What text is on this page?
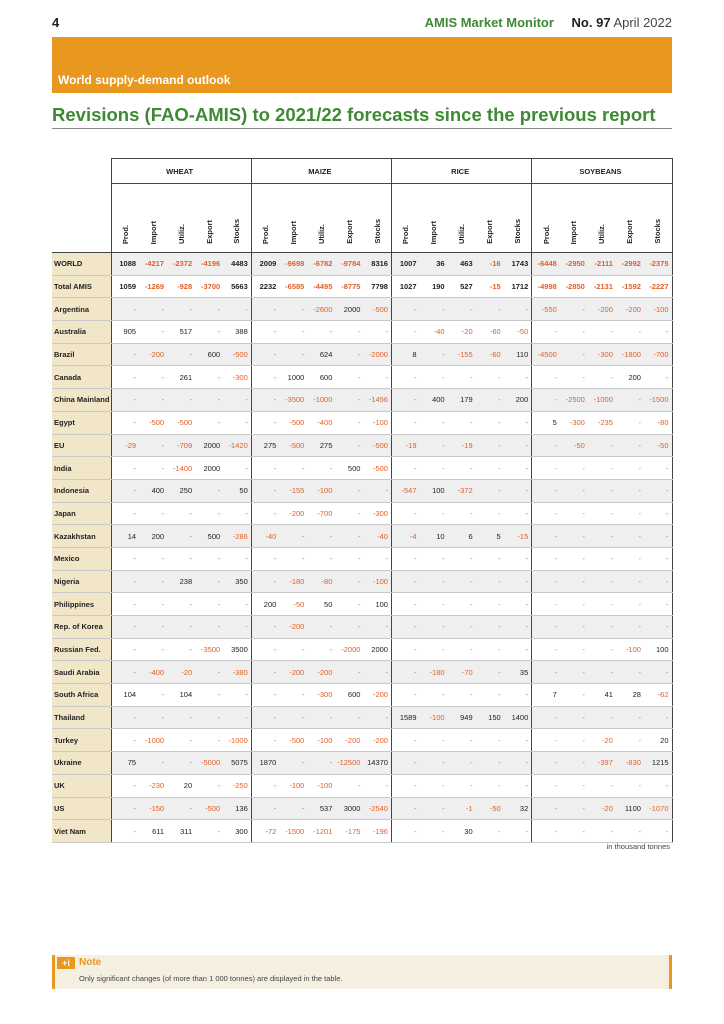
4	AMIS Market Monitor No. 97 April 2022
World supply-demand outlook
Revisions (FAO-AMIS) to 2021/22 forecasts since the previous report
	WHEAT					MAIZE					RICE					SOYBEANS				
	Prod.	Import	Utiliz.	Export	Stocks	Prod.	Import	Utiliz.	Export	Stocks	Prod.	Import	Utiliz.	Export	Stocks	Prod.	Import	Utiliz.	Export	Stocks
WORLD	1088	-4217	-2372	-4196	4483	2009	-9698	-6782	-9784	8316	1007	36	463	-16	1743	-6448	-2950	-2111	-2992	-2375
Total AMIS	1059	-1269	-928	-3700	5663	2232	-6585	-4495	-8775	7798	1027	190	527	-15	1712	-4998	-2850	-2131	-1592	-2227
Argentina	-	-	-	-	-	-	-	-2600	2000	-500	-	-	-	-	-	-550	-	-200	-200	-100
Australia	905	-	517	-	388	-	-	-	-	-	-	-40	-20	-60	-50	-	-	-	-	-
Brazil	-	-200	-	600	-500	-	-	624	-	-2000	8	-	-155	-60	110	-4500	-	-300	-1800	-700
Canada	-	-	261	-	-300	-	1000	600	-	-	-	-	-	-	-	-	-	-	200	-
China Mainland	-	-	-	-	-	-	-3500	-1000	-	-1456	-	400	179	-	200	-	-2500	-1000	-	-1500
Egypt	-	-500	-500	-	-	-	-500	-400	-	-100	-	-	-	-	-	5	-300	-235	-	-80
EU	-29	-	-709	2000	-1420	275	-500	275	-	-500	-19	-	-19	-	-	-	-50	-	-	-50
India	-	-	-1400	2000	-	-	-	-	500	-500	-	-	-	-	-	-	-	-	-	-
Indonesia	-	400	250	-	50	-	-155	-100	-	-	-547	100	-372	-	-	-	-	-	-	-
Japan	-	-	-	-	-	-	-200	-700	-	-300	-	-	-	-	-	-	-	-	-	-
Kazakhstan	14	200	-	500	-286	-40	-	-	-	-40	-4	10	6	5	-15	-	-	-	-	-
Mexico	-	-	-	-	-	-	-	-	-	-	-	-	-	-	-	-	-	-	-	-
Nigeria	-	-	238	-	350	-	-180	-80	-	-100	-	-	-	-	-	-	-	-	-	-
Philippines	-	-	-	-	-	200	-50	50	-	100	-	-	-	-	-	-	-	-	-	-
Rep. of Korea	-	-	-	-	-	-	-200	-	-	-	-	-	-	-	-	-	-	-	-	-
Russian Fed.	-	-	-	-3500	3500	-	-	-	-2000	2000	-	-	-	-	-	-	-	-	-100	100
Saudi Arabia	-	-400	-20	-	-380	-	-200	-200	-	-	-	-180	-70	-	35	-	-	-	-	-
South Africa	104	-	104	-	-	-	-	-300	600	-200	-	-	-	-	-	7	-	41	28	-62
Thailand	-	-	-	-	-	-	-	-	-	-	1589	-100	949	150	1400	-	-	-	-	-
Turkey	-	-1000	-	-	-1000	-	-500	-100	-200	-200	-	-	-	-	-	-	-	-20	-	20
Ukraine	75	-	-	-5000	5075	1870	-	-	-12500	14370	-	-	-	-	-	-	-	-397	-830	1215
UK	-	-230	20	-	-250	-	-100	-100	-	-	-	-	-	-	-	-	-	-	-	-
US	-	-150	-	-500	136	-	-	537	3000	-2540	-	-	-1	-50	32	-	-	-20	1100	-1070
Viet Nam	-	611	311	-	300	-72	-1500	-1201	-175	-196	-	-	30	-	-	-	-	-	-	-
in thousand tonnes
+i Note
Only significant changes (of more than 1 000 tonnes) are displayed in the table.
